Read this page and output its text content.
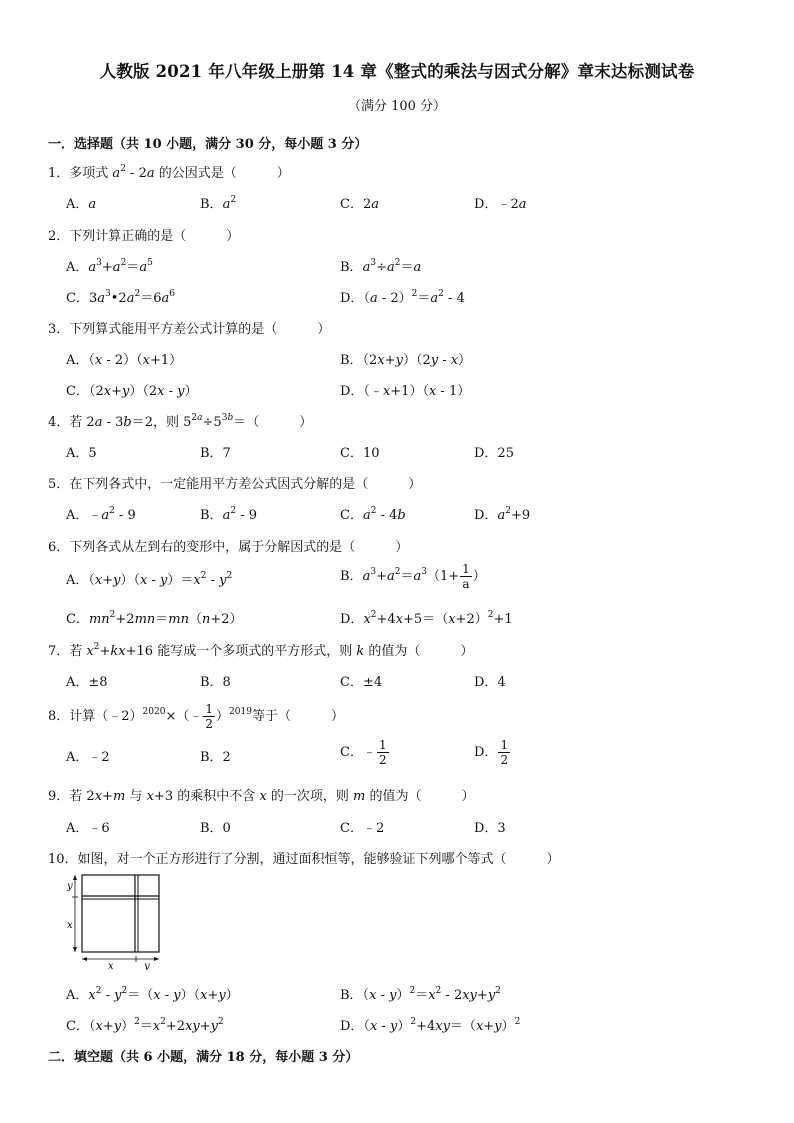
人教版 2021 年八年级上册第 14 章《整式的乘法与因式分解》章末达标测试卷
（满分 100 分）
一．选择题（共 10 小题，满分 30 分，每小题 3 分）
1．多项式 $a^2 - 2a$ 的公因式是（	）
A．a	B．$a^2$	C．2a	D．﹣2a
2．下列计算正确的是（	）
A．$a^3+a^2=a^5$	B．$a^3\div a^2=a$
C．$3a^3•2a^2=6a^6$	D．$(a - 2)^2=a^2 - 4$
3．下列算式能用平方差公式计算的是（	）
A．（x - 2）（x+1）	B．（2x+y）（2y - x）
C．（2x+y）（2x - y）	D．（﹣x+1）（x - 1）
4．若 2a - 3b＝2，则 $5^{2a}\div 5^{3b}=$（	）
A．5	B．7	C．10	D．25
5．在下列各式中，一定能用平方差公式因式分解的是（	）
A．$﹣a^2 - 9$	B．$a^2 - 9$	C．$a^2 - 4b$	D．$a^2+9$
6．下列各式从左到右的变形中，属于分解因式的是（	）
A．$(x+y)(x - y)=x^2 - y^2$	B．$a^3+a^2=a^3(1+ \frac{1}{a}$ ）
C．$mn^2+2mn=mn(n+2)$	D．$x^2+4x+5=(x+2)^2+1$
7．若 $x^2+kx+16$ 能写成一个多项式的平方形式，则 k 的值为（	）
A．±8	B．8	C．±4	D．4
8．计算（﹣2）$^{2020}$×（﹣ $\frac{1}{2} )^{2019}$等于（	）
A．﹣2	B．2	C．﹣ $\frac{1}{2}$	D． $\frac{1}{2}$
9．若 2x+m 与 x+3 的乘积中不含 x 的一次项，则 m 的值为（	）
A．﹣6	B．0	C．﹣2	D．3
10．如图，对一个正方形进行了分割，通过面积恒等，能够验证下列哪个等式（	）
y
x
x	y
A．$x^2 - y^2=(x - y)(x+y)$	B．$(x - y)^2=x^2 - 2xy+y^2$
C．$(x+y)^2=x^2+2xy+y^2$	D．$(x - y)^2+4xy=(x+y)^2$
二．填空题（共 6 小题，满分 18 分，每小题 3 分）
